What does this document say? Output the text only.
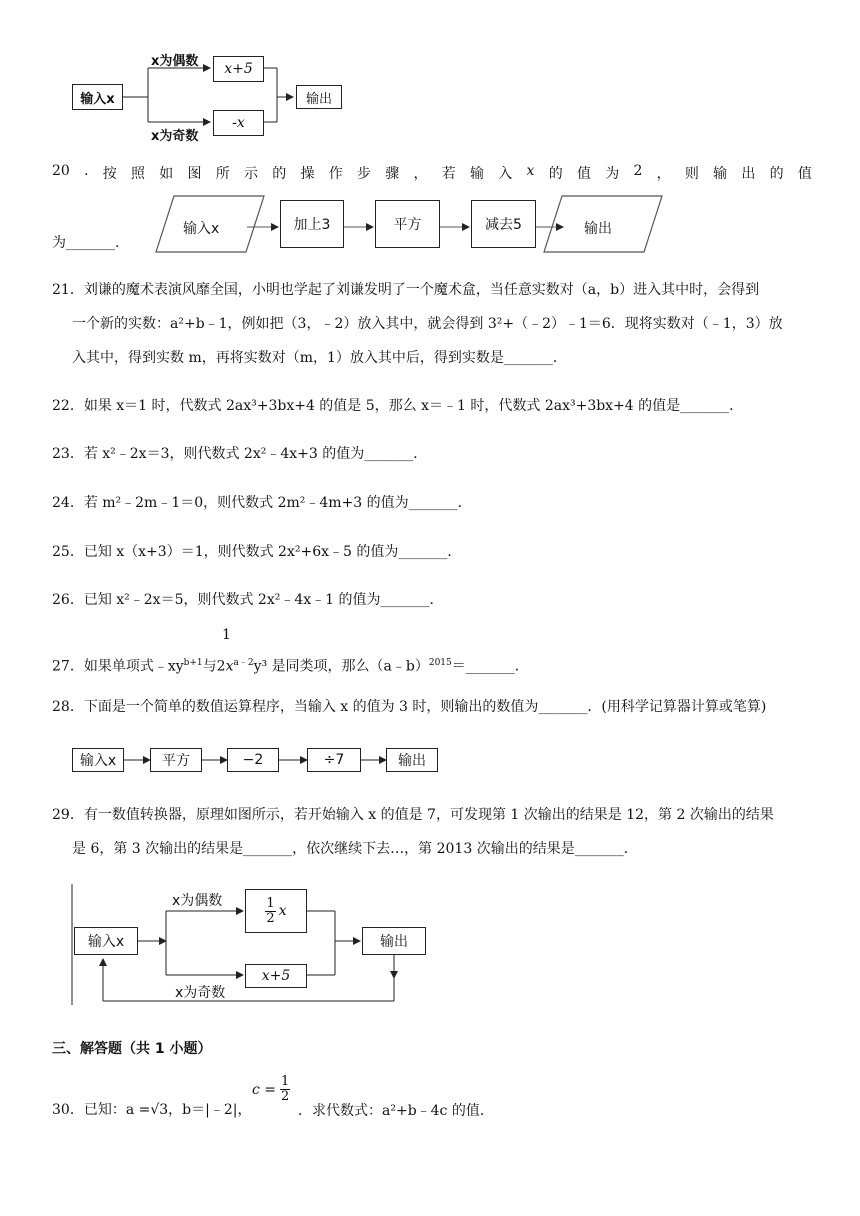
输入x
x为偶数
x为奇数
x+5
-x
输出
20 . 按 照 如 图 所 示 的 操 作 步 骤 ， 若 输 入 x 的 值 为 2 ， 则 输 出 的 值
为_______.
输入x	加上3	平方	减去5	输出
21．刘谦的魔术表演风靡全国，小明也学起了刘谦发明了一个魔术盒，当任意实数对（a，b）进入其中时，会得到
一个新的实数：a²+b﹣1，例如把（3，﹣2）放入其中，就会得到 3²+（﹣2）﹣1＝6．现将实数对（﹣1，3）放
入其中，得到实数 m，再将实数对（m，1）放入其中后，得到实数是_______．
22．如果 x＝1 时，代数式 2ax³+3bx+4 的值是 5，那么 x＝﹣1 时，代数式 2ax³+3bx+4 的值是_______．
23．若 x²﹣2x＝3，则代数式 2x²﹣4x+3 的值为_______．
24．若 m²﹣2m﹣1＝0，则代数式 2m²﹣4m+3 的值为_______．
25．已知 x（x+3）＝1，则代数式 2x²+6x﹣5 的值为_______．
26．已知 x²﹣2x＝5，则代数式 2x²﹣4x﹣1 的值为_______．
1
27．如果单项式$﹣xy^{b+1}$与$2x^{a﹣2}y^3$ 是同类项，那么（a﹣b）$^{2015}$＝_______．
28．下面是一个简单的数值运算程序，当输入 x 的值为 3 时，则输出的数值为_______．(用科学记算器计算或笔算)
输入x	平方	−2	÷7	输出
29．有一数值转换器，原理如图所示，若开始输入 x 的值是 7，可发现第 1 次输出的结果是 12，第 2 次输出的结果
是 6，第 3 次输出的结果是_______，依次继续下去…，第 2013 次输出的结果是_______．
输入x
x为偶数
x为奇数
$\frac{1}{2}$ x
x+5
输出
三、解答题（共 1 小题）
30．已知：a =√3，b＝|﹣2|，
$c = \frac{1}{2}$
．求代数式：a²+b﹣4c 的值．
